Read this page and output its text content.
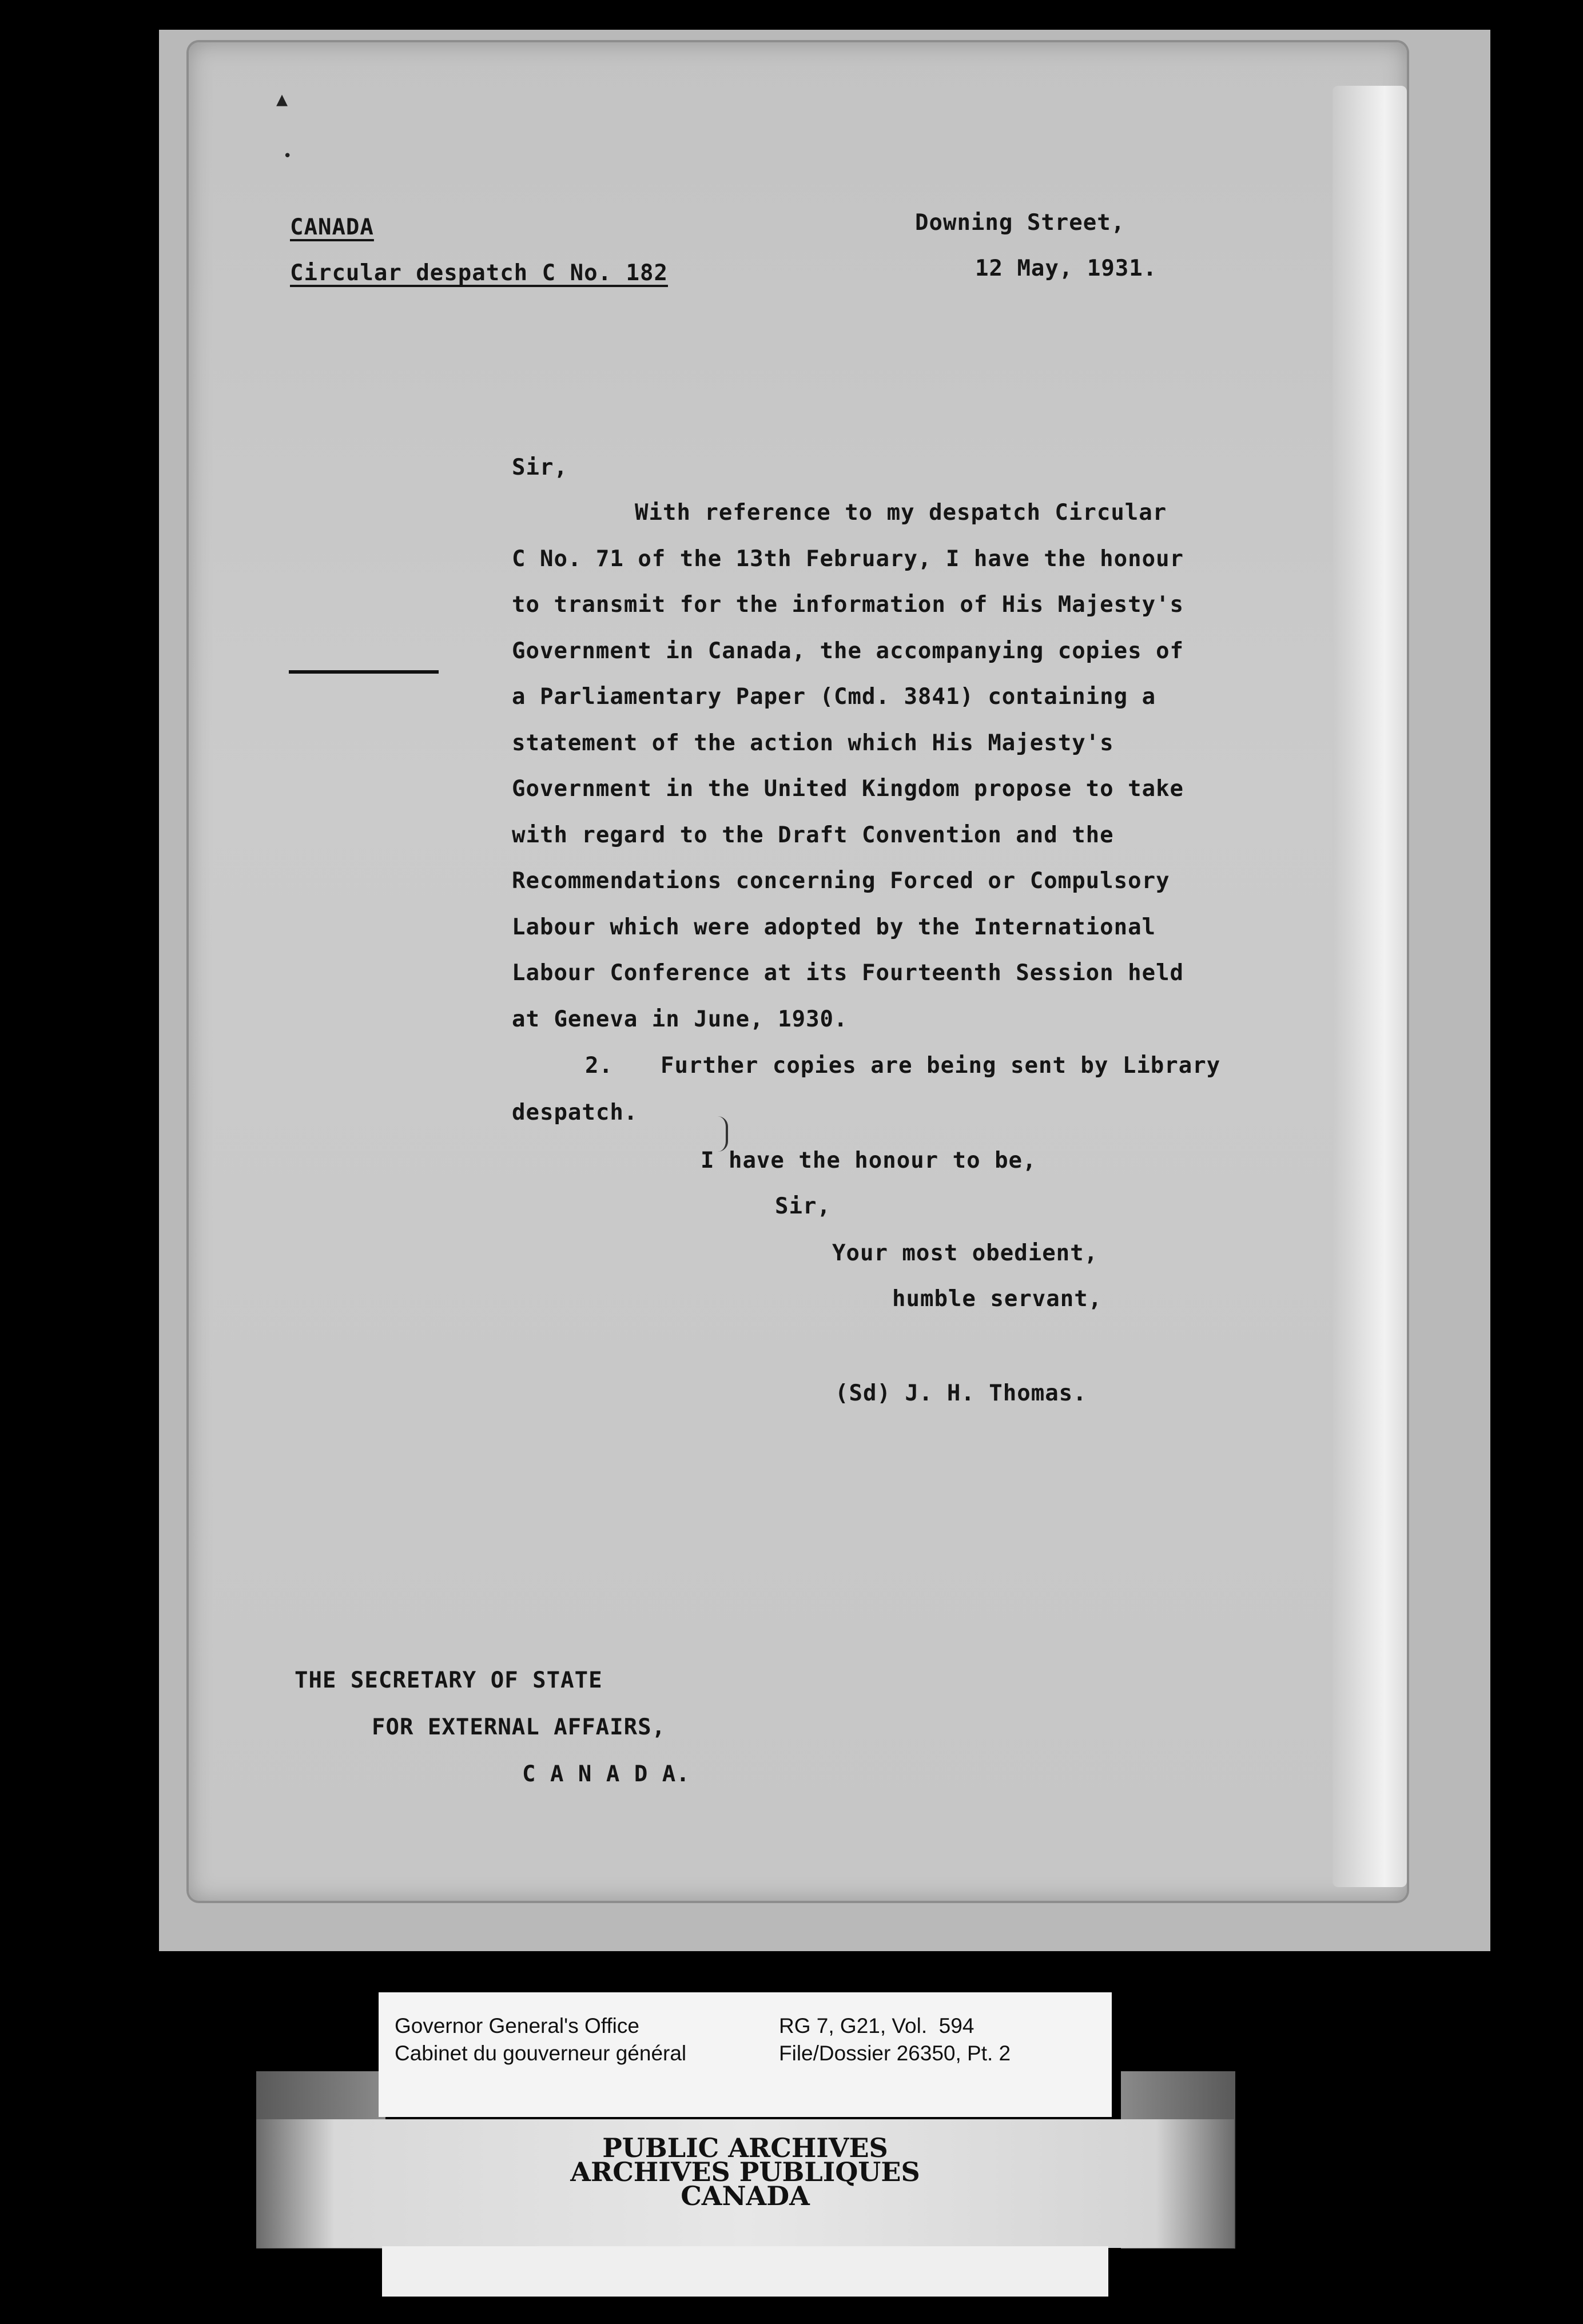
▴
•
CANADA
Circular despatch C No. 182
Downing Street,
12 May, 1931.
Sir,
With reference to my despatch Circular
C No. 71 of the 13th February, I have the honour
to transmit for the information of His Majesty's
Government in Canada, the accompanying copies of
a Parliamentary Paper (Cmd. 3841) containing a
statement of the action which His Majesty's
Government in the United Kingdom propose to take
with regard to the Draft Convention and the
Recommendations concerning Forced or Compulsory
Labour which were adopted by the International
Labour Conference at its Fourteenth Session held
at Geneva in June, 1930.
2. Further copies are being sent by Library
despatch.
I have the honour to be,
Sir,
Your most obedient,
humble servant,
(Sd) J. H. Thomas.
THE SECRETARY OF STATE
FOR EXTERNAL AFFAIRS,
C A N A D A.
Governor General's Office
Cabinet du gouverneur général
RG 7, G21, Vol.  594
File/Dossier 26350, Pt. 2
PUBLIC ARCHIVES
ARCHIVES PUBLIQUES
CANADA
